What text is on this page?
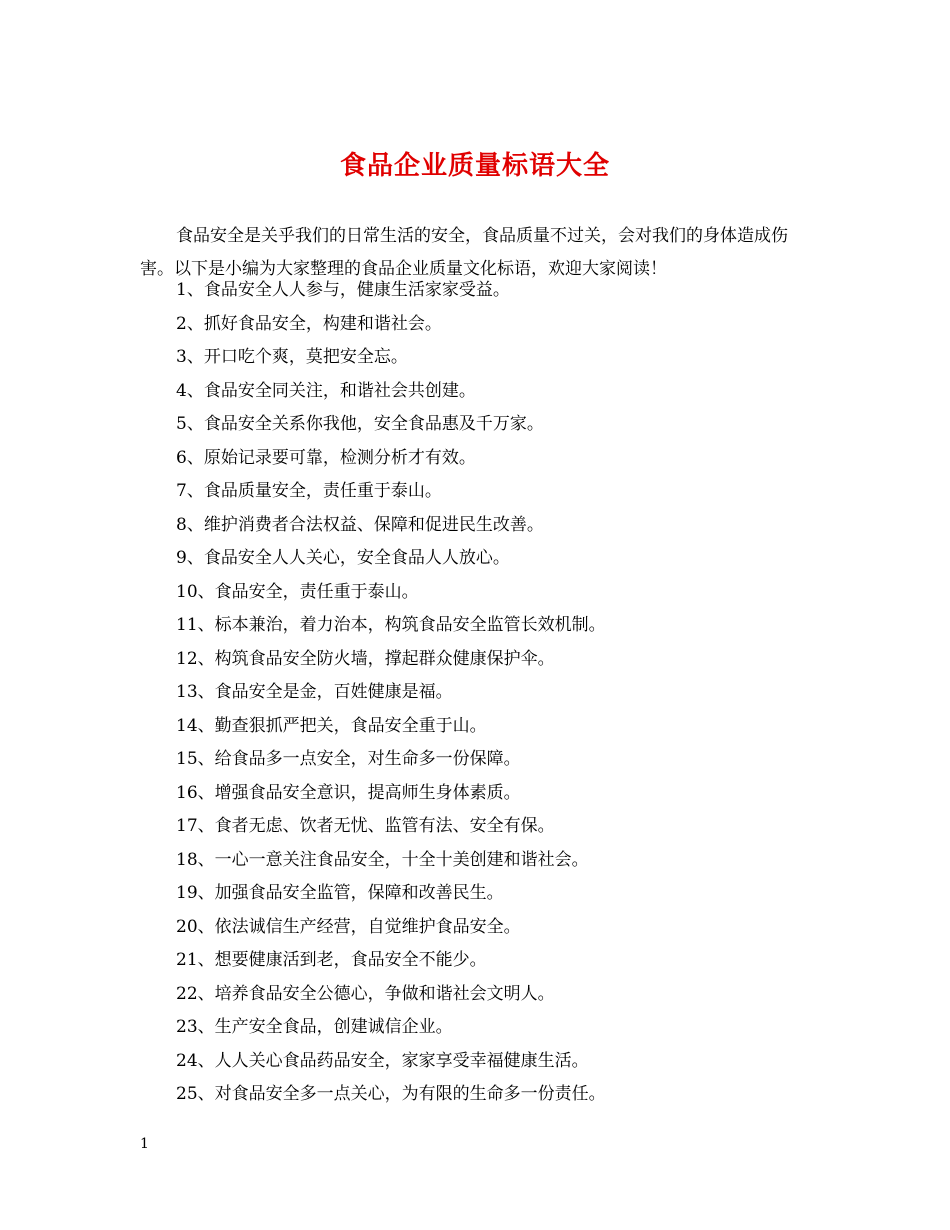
食品企业质量标语大全

食品安全是关乎我们的日常生活的安全，食品质量不过关，会对我们的身体造成伤害。以下是小编为大家整理的食品企业质量文化标语，欢迎大家阅读！

1、食品安全人人参与，健康生活家家受益。
2、抓好食品安全，构建和谐社会。
3、开口吃个爽，莫把安全忘。
4、食品安全同关注，和谐社会共创建。
5、食品安全关系你我他，安全食品惠及千万家。
6、原始记录要可靠，检测分析才有效。
7、食品质量安全，责任重于泰山。
8、维护消费者合法权益、保障和促进民生改善。
9、食品安全人人关心，安全食品人人放心。
10、食品安全，责任重于泰山。
11、标本兼治，着力治本，构筑食品安全监管长效机制。
12、构筑食品安全防火墙，撑起群众健康保护伞。
13、食品安全是金，百姓健康是福。
14、勤查狠抓严把关，食品安全重于山。
15、给食品多一点安全，对生命多一份保障。
16、增强食品安全意识，提高师生身体素质。
17、食者无虑、饮者无忧、监管有法、安全有保。
18、一心一意关注食品安全，十全十美创建和谐社会。
19、加强食品安全监管，保障和改善民生。
20、依法诚信生产经营，自觉维护食品安全。
21、想要健康活到老，食品安全不能少。
22、培养食品安全公德心，争做和谐社会文明人。
23、生产安全食品，创建诚信企业。
24、人人关心食品药品安全，家家享受幸福健康生活。
25、对食品安全多一点关心，为有限的生命多一份责任。
1
